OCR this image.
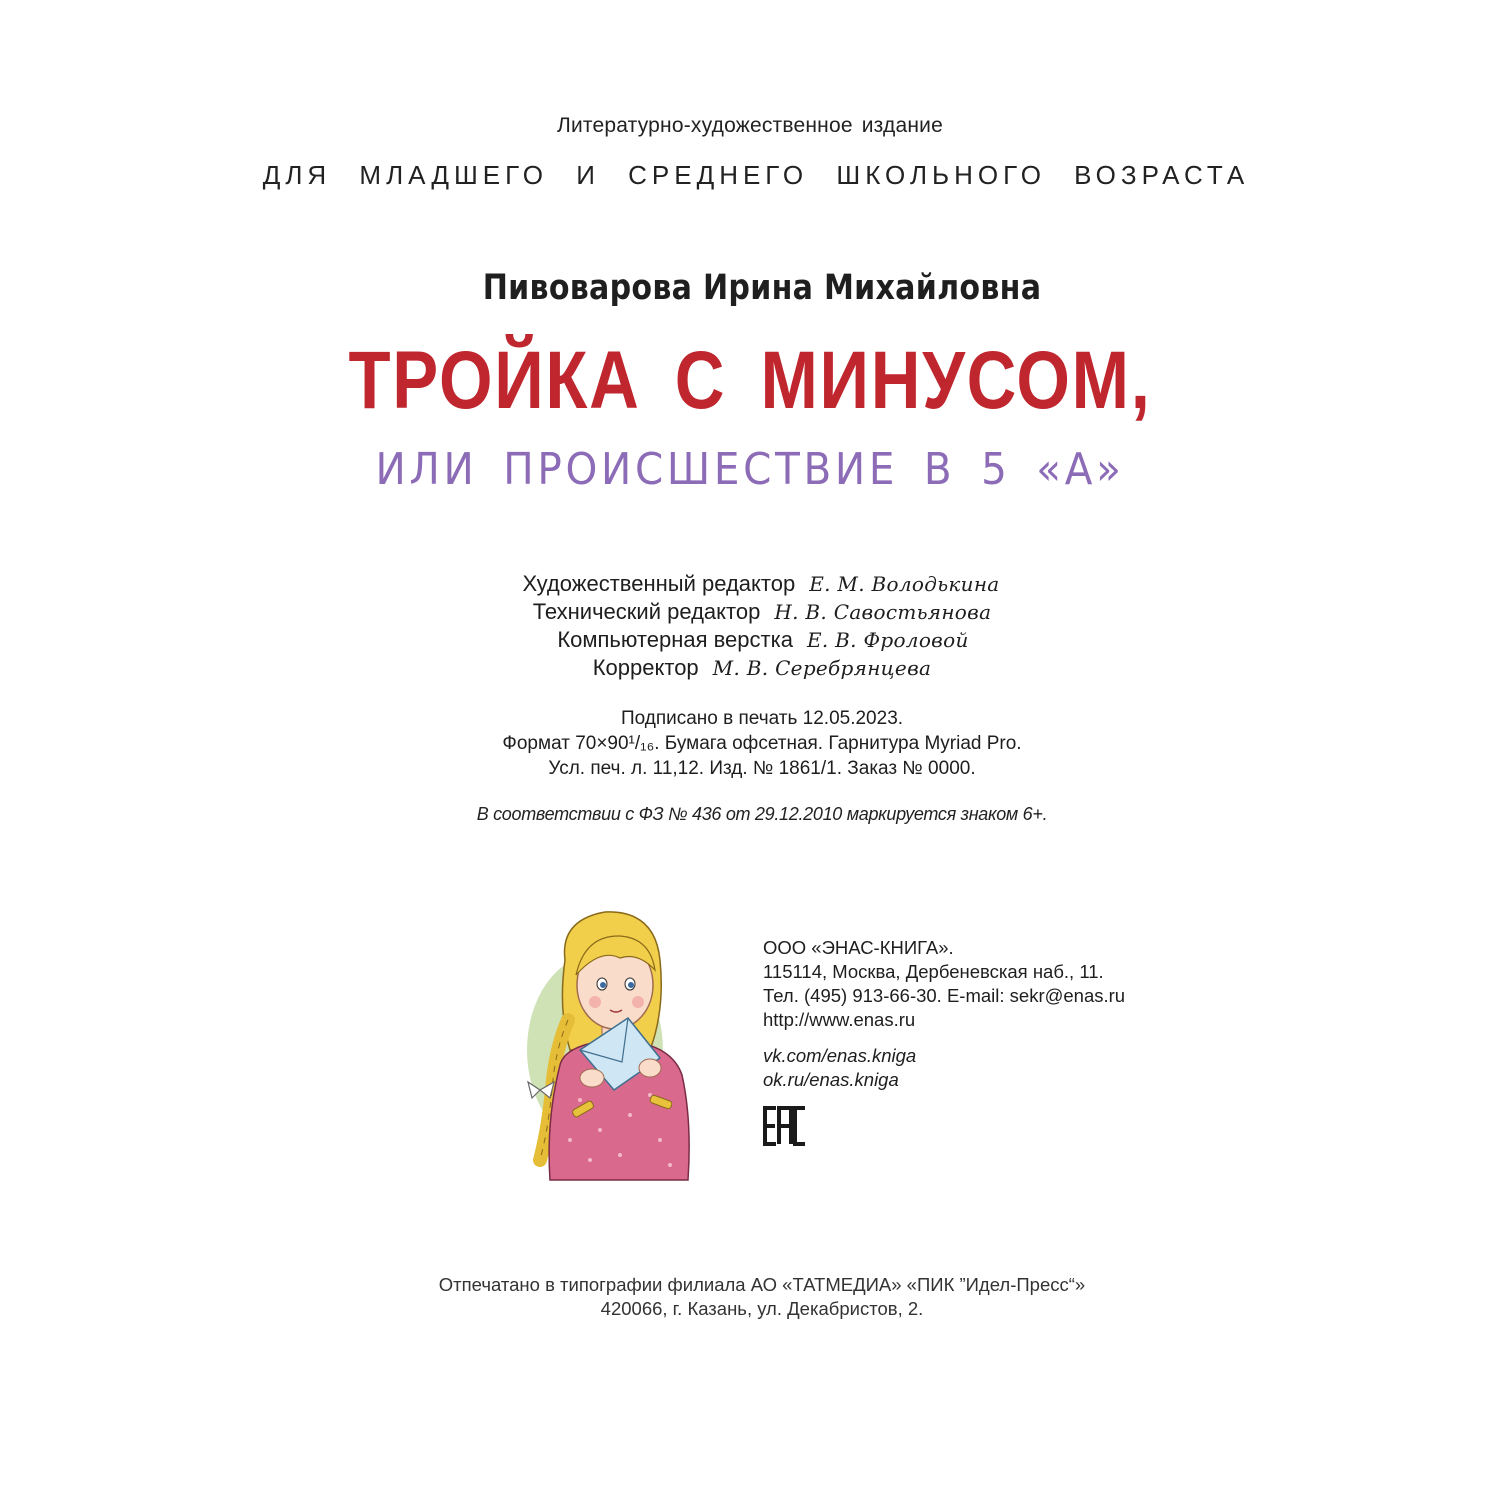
Литературно-художественное издание
ДЛЯ МЛАДШЕГО И СРЕДНЕГО ШКОЛЬНОГО ВОЗРАСТА
Пивоварова Ирина Михайловна
ТРОЙКА С МИНУСОМ,
ИЛИ ПРОИСШЕСТВИЕ В 5 «А»
Художественный редактор Е. М. Володькина
Технический редактор Н. В. Савостьянова
Компьютерная верстка Е. В. Фроловой
Корректор М. В. Серебрянцева
Подписано в печать 12.05.2023.
Формат 70×90¹/₁₆. Бумага офсетная. Гарнитура Myriad Pro.
Усл. печ. л. 11,12. Изд. № 1861/1. Заказ № 0000.
В соответствии с ФЗ № 436 от 29.12.2010 маркируется знаком 6+.
ООО «ЭНАС-КНИГА».
115114, Москва, Дербеневская наб., 11.
Тел. (495) 913-66-30. E-mail: sekr@enas.ru
http://www.enas.ru
vk.com/enas.kniga
ok.ru/enas.kniga
Отпечатано в типографии филиала АО «ТАТМЕДИА» «ПИК ”Идел-Пресс“»
420066, г. Казань, ул. Декабристов, 2.
